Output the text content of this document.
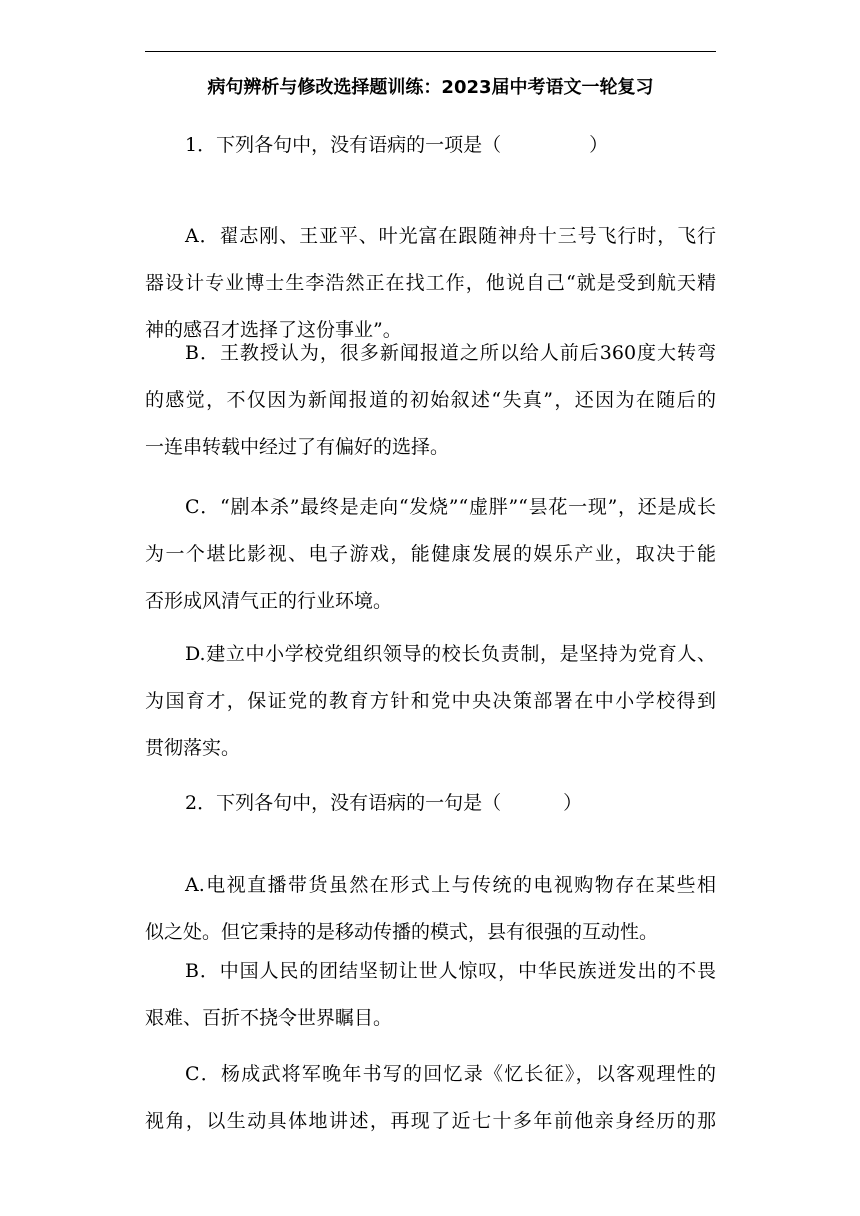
病句辨析与修改选择题训练：2023届中考语文一轮复习
1．下列各句中，没有语病的一项是（	）
A．翟志刚、王亚平、叶光富在跟随神舟十三号飞行时，飞行
器设计专业博士生李浩然正在找工作，他说自己“就是受到航天精
神的感召才选择了这份事业”。
B．王教授认为，很多新闻报道之所以给人前后360度大转弯
的感觉，不仅因为新闻报道的初始叙述“失真”，还因为在随后的
一连串转载中经过了有偏好的选择。
C．“剧本杀”最终是走向“发烧”“虚胖”“昙花一现”，还是成长
为一个堪比影视、电子游戏，能健康发展的娱乐产业，取决于能
否形成风清气正的行业环境。
D.建立中小学校党组织领导的校长负责制，是坚持为党育人、
为国育才，保证党的教育方针和党中央决策部署在中小学校得到
贯彻落实。
2．下列各句中，没有语病的一句是（	）
A.电视直播带货虽然在形式上与传统的电视购物存在某些相
似之处。但它秉持的是移动传播的模式，县有很强的互动性。
B．中国人民的团结坚韧让世人惊叹，中华民族迸发出的不畏
艰难、百折不挠令世界瞩目。
C．杨成武将军晚年书写的回忆录《忆长征》，以客观理性的
视角，以生动具体地讲述，再现了近七十多年前他亲身经历的那
